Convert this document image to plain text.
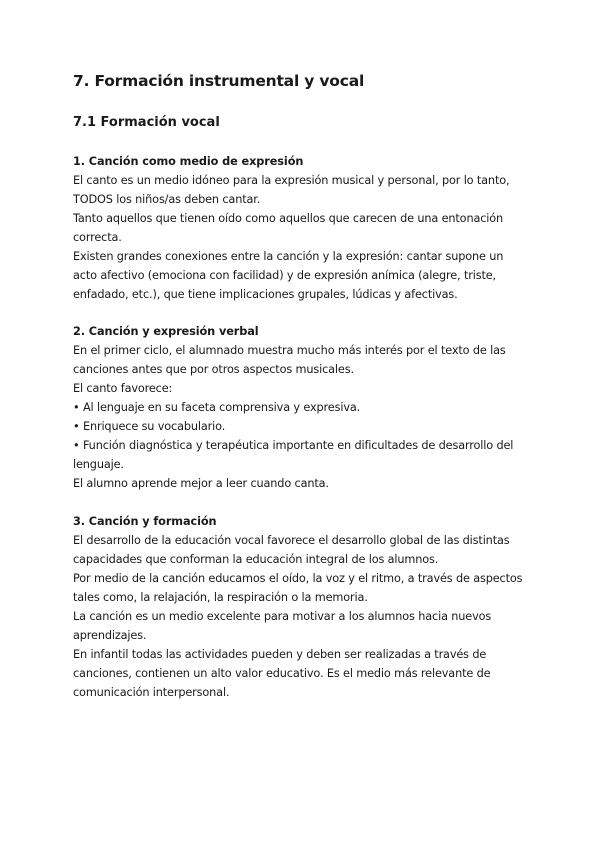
7. Formación instrumental y vocal
7.1 Formación vocal
1. Canción como medio de expresión
El canto es un medio idóneo para la expresión musical y personal, por lo tanto,
TODOS los niños/as deben cantar.
Tanto aquellos que tienen oído como aquellos que carecen de una entonación
correcta.
Existen grandes conexiones entre la canción y la expresión: cantar supone un
acto afectivo (emociona con facilidad) y de expresión anímica (alegre, triste,
enfadado, etc.), que tiene implicaciones grupales, lúdicas y afectivas.
2. Canción y expresión verbal
En el primer ciclo, el alumnado muestra mucho más interés por el texto de las
canciones antes que por otros aspectos musicales.
El canto favorece:
• Al lenguaje en su faceta comprensiva y expresiva.
• Enriquece su vocabulario.
• Función diagnóstica y terapéutica importante en dificultades de desarrollo del
lenguaje.
El alumno aprende mejor a leer cuando canta.
3. Canción y formación
El desarrollo de la educación vocal favorece el desarrollo global de las distintas
capacidades que conforman la educación integral de los alumnos.
Por medio de la canción educamos el oído, la voz y el ritmo, a través de aspectos
tales como, la relajación, la respiración o la memoria.
La canción es un medio excelente para motivar a los alumnos hacia nuevos
aprendizajes.
En infantil todas las actividades pueden y deben ser realizadas a través de
canciones, contienen un alto valor educativo. Es el medio más relevante de
comunicación interpersonal.
